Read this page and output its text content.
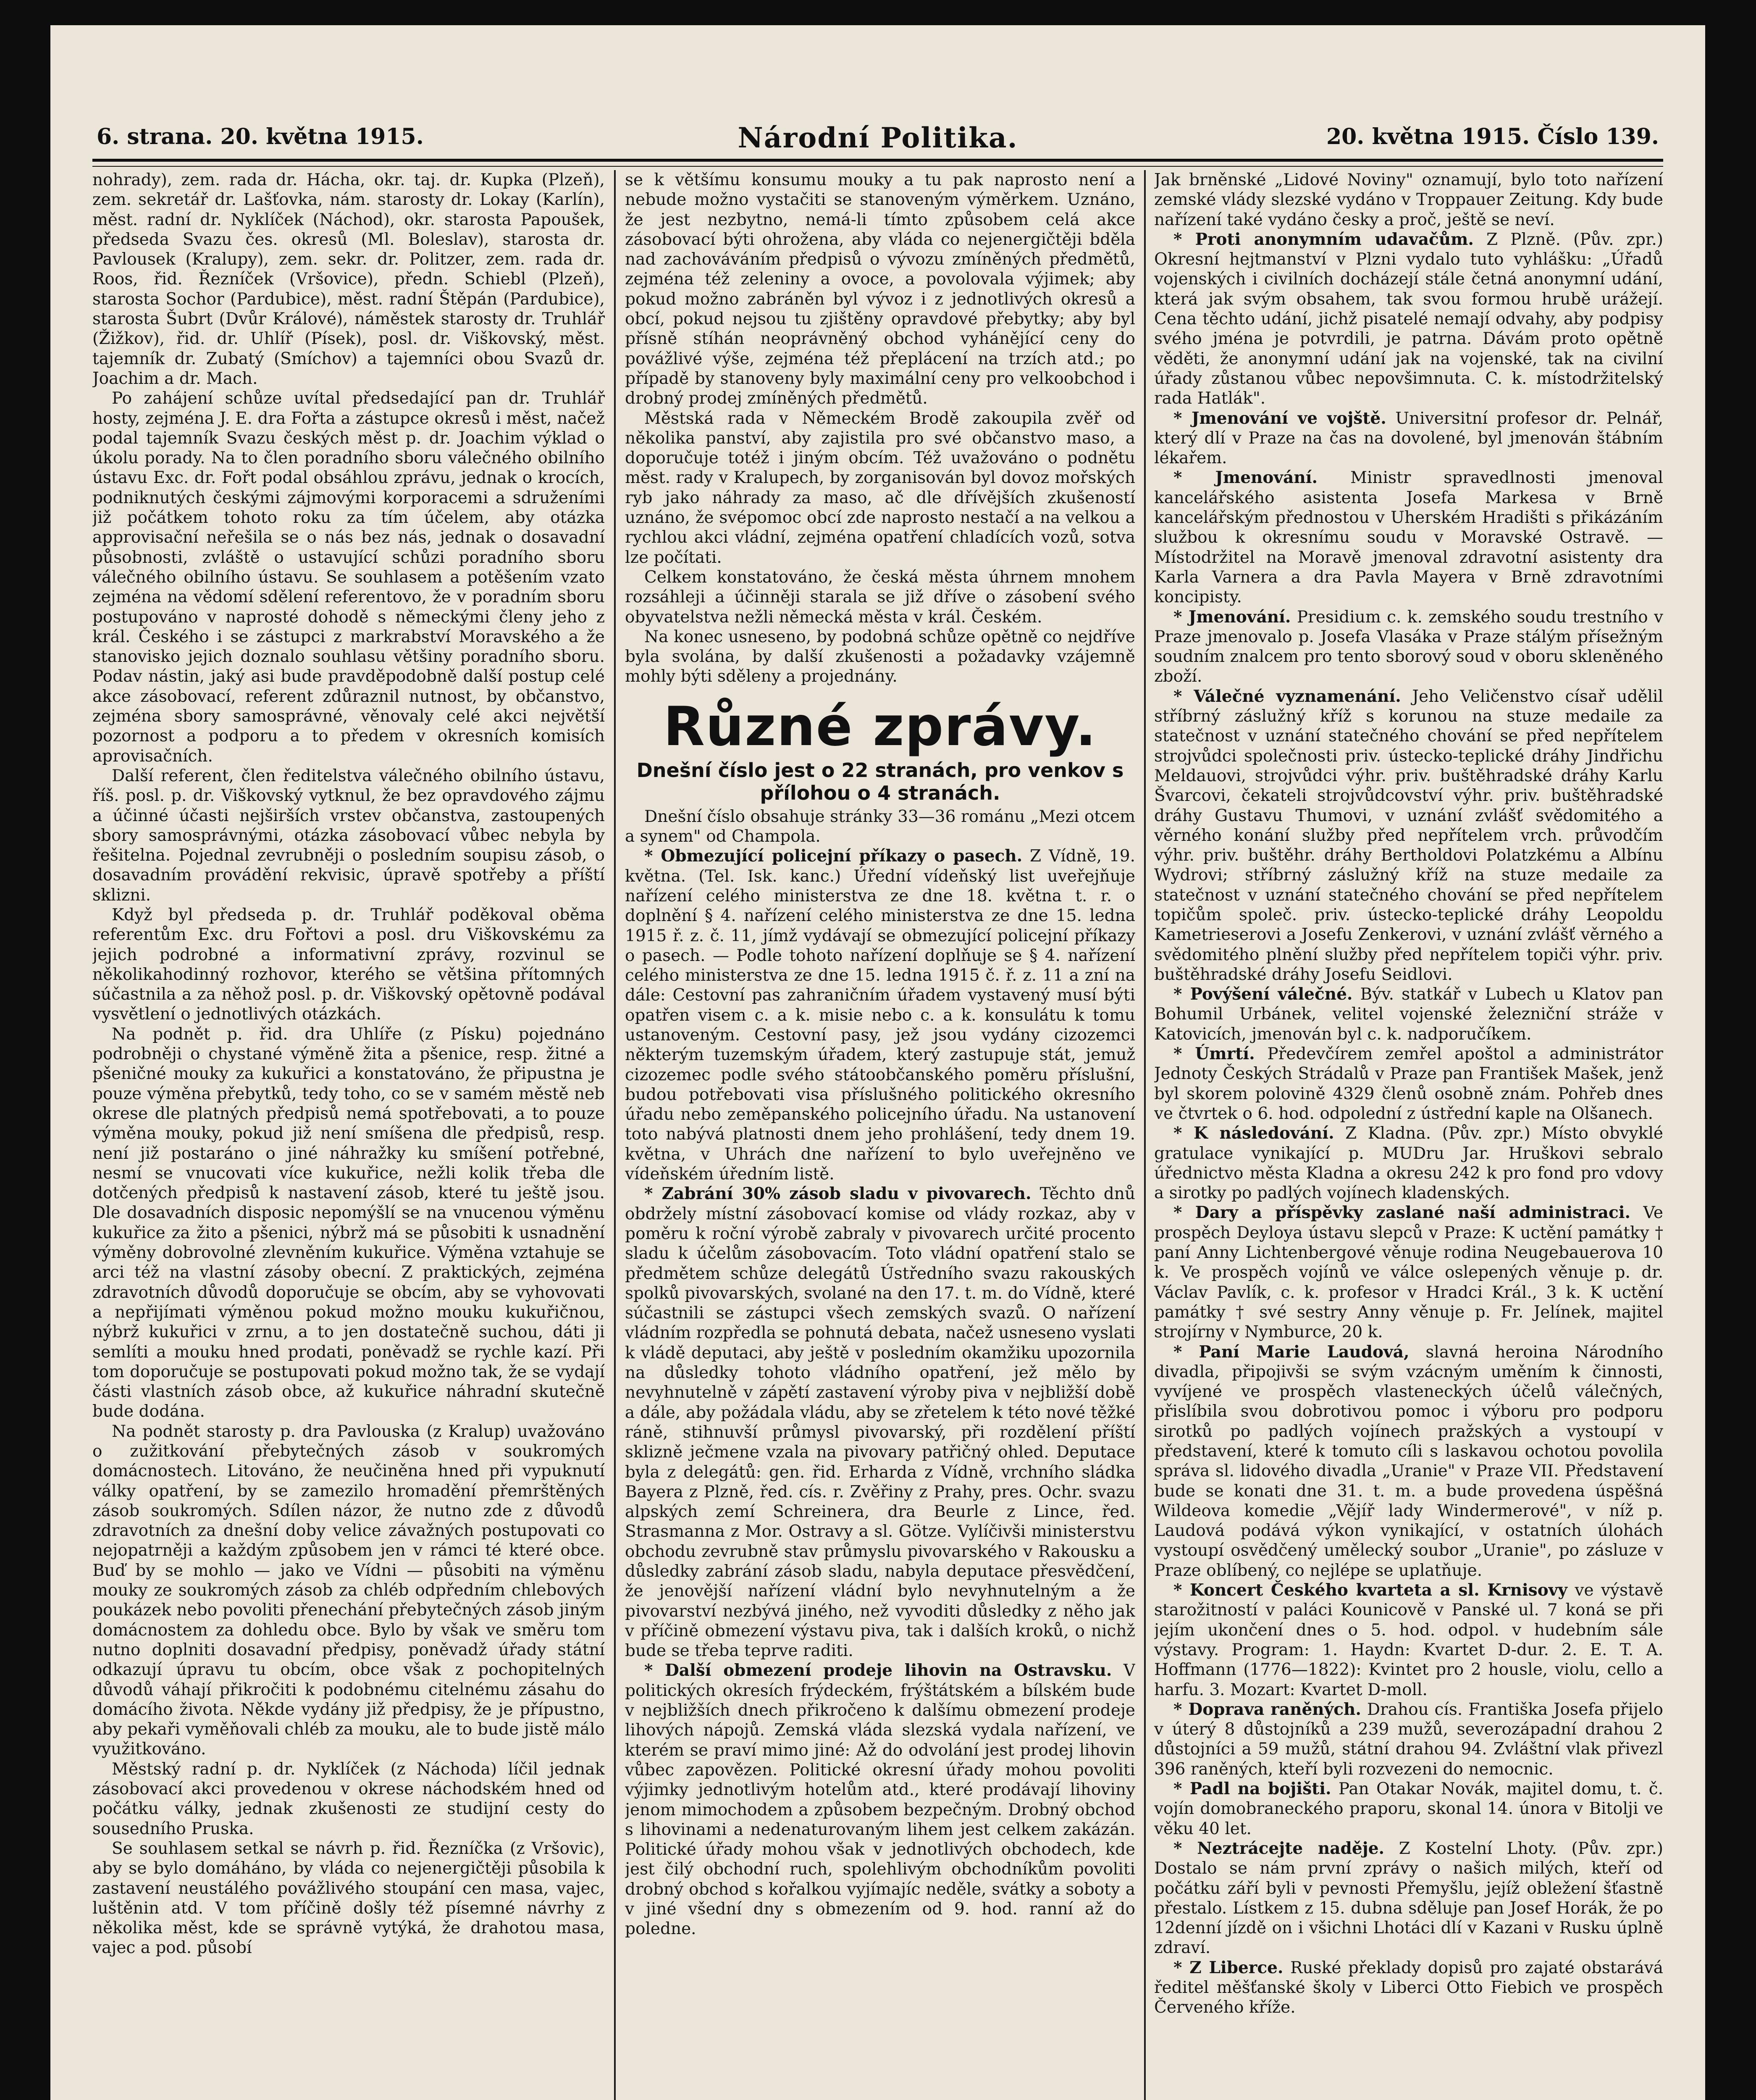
6. strana. 20. května 1915.	Národní Politika.	20. května 1915. Číslo 139.

nohrady), zem. rada dr. Hácha, okr. taj. dr. Kupka (Plzeň), zem. sekretář dr. Lašťovka, nám. starosty dr. Lokay (Karlín), měst. radní dr. Nyklíček (Náchod), okr. starosta Papoušek, předseda Svazu čes. okresů (Ml. Boleslav), starosta dr. Pavlousek (Kralupy), zem. sekr. dr. Politzer, zem. rada dr. Roos, řid. Řezníček (Vršovice), předn. Schiebl (Plzeň), starosta Sochor (Pardubice), měst. radní Štěpán (Pardubice), starosta Šubrt (Dvůr Králové), náměstek starosty dr. Truhlář (Žižkov), řid. dr. Uhlíř (Písek), posl. dr. Viškovský, měst. tajemník dr. Zubatý (Smíchov) a tajemníci obou Svazů dr. Joachim a dr. Mach.

Po zahájení schůze uvítal předsedající pan dr. Truhlář hosty, zejména J. E. dra Fořta a zástupce okresů i měst, načež podal tajemník Svazu českých měst p. dr. Joachim výklad o úkolu porady. Na to člen poradního sboru válečného obilního ústavu Exc. dr. Fořt podal obsáhlou zprávu, jednak o krocích, podniknutých českými zájmovými korporacemi a sdruženími již počátkem tohoto roku za tím účelem, aby otázka approvisační neřešila se o nás bez nás, jednak o dosavadní působnosti, zvláště o ustavující schůzi poradního sboru válečného obilního ústavu. Se souhlasem a potěšením vzato zejména na vědomí sdělení referentovo, že v poradním sboru postupováno v naprosté dohodě s německými členy jeho z král. Českého i se zástupci z markrabství Moravského a že stanovisko jejich doznalo souhlasu většiny poradního sboru. Podav nástin, jaký asi bude pravděpodobně další postup celé akce zásobovací, referent zdůraznil nutnost, by občanstvo, zejména sbory samosprávné, věnovaly celé akci největší pozornost a podporu a to předem v okresních komisích aprovisačních.

Další referent, člen ředitelstva válečného obilního ústavu, říš. posl. p. dr. Viškovský vytknul, že bez opravdového zájmu a účinné účasti nejširších vrstev občanstva, zastoupených sbory samosprávnými, otázka zásobovací vůbec nebyla by řešitelna. Pojednal zevrubněji o posledním soupisu zásob, o dosavadním provádění rekvisic, úpravě spotřeby a příští sklizni.

Když byl předseda p. dr. Truhlář poděkoval oběma referentům Exc. dru Fořtovi a posl. dru Viškovskému za jejich podrobné a informativní zprávy, rozvinul se několikahodinný rozhovor, kterého se většina přítomných súčastnila a za něhož posl. p. dr. Viškovský opětovně podával vysvětlení o jednotlivých otázkách.

Na podnět p. řid. dra Uhlíře (z Písku) pojednáno podrobněji o chystané výměně žita a pšenice, resp. žitné a pšeničné mouky za kukuřici a konstatováno, že připustna je pouze výměna přebytků, tedy toho, co se v samém městě neb okrese dle platných předpisů nemá spotřebovati, a to pouze výměna mouky, pokud již není smíšena dle předpisů, resp. není již postaráno o jiné náhražky ku smíšení potřebné, nesmí se vnucovati více kukuřice, nežli kolik třeba dle dotčených předpisů k nastavení zásob, které tu ještě jsou. Dle dosavadních disposic nepomýšlí se na vnucenou výměnu kukuřice za žito a pšenici, nýbrž má se působiti k usnadnění výměny dobrovolné zlevněním kukuřice. Výměna vztahuje se arci též na vlastní zásoby obecní. Z praktických, zejména zdravotních důvodů doporučuje se obcím, aby se vyhovovati a nepřijímati výměnou pokud možno mouku kukuřičnou, nýbrž kukuřici v zrnu, a to jen dostatečně suchou, dáti ji semlíti a mouku hned prodati, poněvadž se rychle kazí. Při tom doporučuje se postupovati pokud možno tak, že se vydají části vlastních zásob obce, až kukuřice náhradní skutečně bude dodána.

Na podnět starosty p. dra Pavlouska (z Kralup) uvažováno o zužitkování přebytečných zásob v soukromých domácnostech. Litováno, že neučiněna hned při vypuknutí války opatření, by se zamezilo hromadění přemrštěných zásob soukromých. Sdílen názor, že nutno zde z důvodů zdravotních za dnešní doby velice závažných postupovati co nejopatrněji a každým způsobem jen v rámci té které obce. Buď by se mohlo — jako ve Vídni — působiti na výměnu mouky ze soukromých zásob za chléb odpředním chlebových poukázek nebo povoliti přenechání přebytečných zásob jiným domácnostem za dohledu obce. Bylo by však ve směru tom nutno doplniti dosavadní předpisy, poněvadž úřady státní odkazují úpravu tu obcím, obce však z pochopitelných důvodů váhají přikročiti k podobnému citelnému zásahu do domácího života. Někde vydány již předpisy, že je přípustno, aby pekaři vyměňovali chléb za mouku, ale to bude jistě málo využitkováno.

Městský radní p. dr. Nyklíček (z Náchoda) líčil jednak zásobovací akci provedenou v okrese náchodském hned od počátku války, jednak zkušenosti ze studijní cesty do sousedního Pruska.

Se souhlasem setkal se návrh p. řid. Řezníčka (z Vršovic), aby se bylo domáháno, by vláda co nejenergičtěji působila k zastavení neustálého povážlivého stoupání cen masa, vajec, luštěnin atd. V tom příčině došly též písemné návrhy z několika měst, kde se správně vytýká, že drahotou masa, vajec a pod. působí

se k většímu konsumu mouky a tu pak naprosto není a nebude možno vystačiti se stanoveným výměrkem. Uznáno, že jest nezbytno, nemá-li tímto způsobem celá akce zásobovací býti ohrožena, aby vláda co nejenergičtěji bděla nad zachováváním předpisů o vývozu zmíněných předmětů, zejména též zeleniny a ovoce, a povolovala výjimek; aby pokud možno zabráněn byl vývoz i z jednotlivých okresů a obcí, pokud nejsou tu zjištěny opravdové přebytky; aby byl přísně stíhán neoprávněný obchod vyhánějící ceny do povážlivé výše, zejména též přeplácení na trzích atd.; po případě by stanoveny byly maximální ceny pro velkoobchod i drobný prodej zmíněných předmětů.

Městská rada v Německém Brodě zakoupila zvěř od několika panství, aby zajistila pro své občanstvo maso, a doporučuje totéž i jiným obcím. Též uvažováno o podnětu měst. rady v Kralupech, by zorganisován byl dovoz mořských ryb jako náhrady za maso, ač dle dřívějších zkušeností uznáno, že svépomoc obcí zde naprosto nestačí a na velkou a rychlou akci vládní, zejména opatření chladících vozů, sotva lze počítati.

Celkem konstatováno, že česká města úhrnem mnohem rozsáhleji a účinněji starala se již dříve o zásobení svého obyvatelstva nežli německá města v král. Českém.

Na konec usneseno, by podobná schůze opětně co nejdříve byla svolána, by další zkušenosti a požadavky vzájemně mohly býti sděleny a projednány.

Různé zprávy.
Dnešní číslo jest o 22 stranách, pro venkov s přílohou o 4 stranách.

Dnešní číslo obsahuje stránky 33—36 románu „Mezi otcem a synem" od Champola.

* Obmezující policejní příkazy o pasech. Z Vídně, 19. května. (Tel. Isk. kanc.) Úřední vídeňský list uveřejňuje nařízení celého ministerstva ze dne 18. května t. r. o doplnění § 4. nařízení celého ministerstva ze dne 15. ledna 1915 ř. z. č. 11, jímž vydávají se obmezující policejní příkazy o pasech. — Podle tohoto nařízení doplňuje se § 4. nařízení celého ministerstva ze dne 15. ledna 1915 č. ř. z. 11 a zní na dále: Cestovní pas zahraničním úřadem vystavený musí býti opatřen visem c. a k. misie nebo c. a k. konsulátu k tomu ustanoveným. Cestovní pasy, jež jsou vydány cizozemci některým tuzemským úřadem, který zastupuje stát, jemuž cizozemec podle svého státoobčanského poměru příslušní, budou potřebovati visa příslušného politického okresního úřadu nebo zeměpanského policejního úřadu. Na ustanovení toto nabývá platnosti dnem jeho prohlášení, tedy dnem 19. května, v Uhrách dne nařízení to bylo uveřejněno ve vídeňském úředním listě.

* Zabrání 30% zásob sladu v pivovarech. Těchto dnů obdržely místní zásobovací komise od vlády rozkaz, aby v poměru k roční výrobě zabraly v pivovarech určité procento sladu k účelům zásobovacím. Toto vládní opatření stalo se předmětem schůze delegátů Ústředního svazu rakouských spolků pivovarských, svolané na den 17. t. m. do Vídně, které súčastnili se zástupci všech zemských svazů. O nařízení vládním rozpředla se pohnutá debata, načež usneseno vyslati k vládě deputaci, aby ještě v posledním okamžiku upozornila na důsledky tohoto vládního opatření, jež mělo by nevyhnutelně v zápětí zastavení výroby piva v nejbližší době a dále, aby požádala vládu, aby se zřetelem k této nové těžké ráně, stihnuvší průmysl pivovarský, při rozdělení příští sklizně ječmene vzala na pivovary patřičný ohled. Deputace byla z delegátů: gen. řid. Erharda z Vídně, vrchního sládka Bayera z Plzně, řed. cís. r. Zvěřiny z Prahy, pres. Ochr. svazu alpských zemí Schreinera, dra Beurle z Lince, řed. Strasmanna z Mor. Ostravy a sl. Götze. Vylíčivši ministerstvu obchodu zevrubně stav průmyslu pivovarského v Rakousku a důsledky zabrání zásob sladu, nabyla deputace přesvědčení, že jenovější nařízení vládní bylo nevyhnutelným a že pivovarství nezbývá jiného, než vyvoditi důsledky z něho jak v příčině obmezení výstavu piva, tak i dalších kroků, o nichž bude se třeba teprve raditi.

* Další obmezení prodeje lihovin na Ostravsku. V politických okresích frýdeckém, frýštátském a bílském bude v nejbližších dnech přikročeno k dalšímu obmezení prodeje lihových nápojů. Zemská vláda slezská vydala nařízení, ve kterém se praví mimo jiné: Až do odvolání jest prodej lihovin vůbec zapovězen. Politické okresní úřady mohou povoliti výjimky jednotlivým hotelům atd., které prodávají lihoviny jenom mimochodem a způsobem bezpečným. Drobný obchod s lihovinami a nedenaturovaným lihem jest celkem zakázán. Politické úřady mohou však v jednotlivých obchodech, kde jest čilý obchodní ruch, spolehlivým obchodníkům povoliti drobný obchod s kořalkou vyjímajíc neděle, svátky a soboty a v jiné všední dny s obmezením od 9. hod. ranní až do poledne.

Jak brněnské „Lidové Noviny" oznamují, bylo toto nařízení zemské vlády slezské vydáno v Troppauer Zeitung. Kdy bude nařízení také vydáno česky a proč, ještě se neví.

* Proti anonymním udavačům. Z Plzně. (Pův. zpr.) Okresní hejtmanství v Plzni vydalo tuto vyhlášku: „Úřadů vojenských i civilních docházejí stále četná anonymní udání, která jak svým obsahem, tak svou formou hrubě urážejí. Cena těchto udání, jichž pisatelé nemají odvahy, aby podpisy svého jména je potvrdili, je patrna. Dávám proto opětně věděti, že anonymní udání jak na vojenské, tak na civilní úřady zůstanou vůbec nepovšimnuta. C. k. místodržitelský rada Hatlák".

* Jmenování ve vojště. Universitní profesor dr. Pelnář, který dlí v Praze na čas na dovolené, byl jmenován štábním lékařem.

* Jmenování. Ministr spravedlnosti jmenoval kancelářského asistenta Josefa Markesa v Brně kancelářským přednostou v Uherském Hradišti s přikázáním službou k okresnímu soudu v Moravské Ostravě. — Místodržitel na Moravě jmenoval zdravotní asistenty dra Karla Varnera a dra Pavla Mayera v Brně zdravotními koncipisty.

* Jmenování. Presidium c. k. zemského soudu trestního v Praze jmenovalo p. Josefa Vlasáka v Praze stálým přísežným soudním znalcem pro tento sborový soud v oboru skleněného zboží.

* Válečné vyznamenání. Jeho Veličenstvo císař udělil stříbrný záslužný kříž s korunou na stuze medaile za statečnost v uznání statečného chování se před nepřítelem strojvůdci společnosti priv. ústecko-teplické dráhy Jindřichu Meldauovi, strojvůdci výhr. priv. buštěhradské dráhy Karlu Švarcovi, čekateli strojvůdcovství výhr. priv. buštěhradské dráhy Gustavu Thumovi, v uznání zvlášť svědomitého a věrného konání služby před nepřítelem vrch. průvodčím výhr. priv. buštěhr. dráhy Bertholdovi Polatzkému a Albínu Wydrovi; stříbrný záslužný kříž na stuze medaile za statečnost v uznání statečného chování se před nepřítelem topičům společ. priv. ústecko-teplické dráhy Leopoldu Kametrieserovi a Josefu Zenkerovi, v uznání zvlášť věrného a svědomitého plnění služby před nepřítelem topiči výhr. priv. buštěhradské dráhy Josefu Seidlovi.

* Povýšení válečné. Býv. statkář v Lubech u Klatov pan Bohumil Urbánek, velitel vojenské železniční stráže v Katovicích, jmenován byl c. k. nadporučíkem.

* Úmrtí. Předevčírem zemřel apoštol a administrátor Jednoty Českých Strádalů v Praze pan František Mašek, jenž byl skorem polovině 4329 členů osobně znám. Pohřeb dnes ve čtvrtek o 6. hod. odpolední z ústřední kaple na Olšanech.

* K následování. Z Kladna. (Pův. zpr.) Místo obvyklé gratulace vynikající p. MUDru Jar. Hruškovi sebralo úřednictvo města Kladna a okresu 242 k pro fond pro vdovy a sirotky po padlých vojínech kladenských.

* Dary a příspěvky zaslané naší administraci. Ve prospěch Deyloya ústavu slepců v Praze: K uctění památky † paní Anny Lichtenbergové věnuje rodina Neugebauerova 10 k. Ve prospěch vojínů ve válce oslepených věnuje p. dr. Václav Pavlík, c. k. profesor v Hradci Král., 3 k. K uctění památky † své sestry Anny věnuje p. Fr. Jelínek, majitel strojírny v Nymburce, 20 k.

* Paní Marie Laudová, slavná heroina Národního divadla, připojivši se svým vzácným uměním k činnosti, vyvíjené ve prospěch vlasteneckých účelů válečných, přislíbila svou dobrotivou pomoc i výboru pro podporu sirotků po padlých vojínech pražských a vystoupí v představení, které k tomuto cíli s laskavou ochotou povolila správa sl. lidového divadla „Uranie" v Praze VII. Představení bude se konati dne 31. t. m. a bude provedena úspěšná Wildeova komedie „Vějíř lady Windermerové", v níž p. Laudová podává výkon vynikající, v ostatních úlohách vystoupí osvědčený umělecký soubor „Uranie", po zásluze v Praze oblíbený, co nejlépe se uplatňuje.

* Koncert Českého kvarteta a sl. Krnisovy ve výstavě starožitností v paláci Kounicově v Panské ul. 7 koná se při jejím ukončení dnes o 5. hod. odpol. v hudebním sále výstavy. Program: 1. Haydn: Kvartet D-dur. 2. E. T. A. Hoffmann (1776—1822): Kvintet pro 2 housle, violu, cello a harfu. 3. Mozart: Kvartet D-moll.

* Doprava raněných. Drahou cís. Františka Josefa přijelo v úterý 8 důstojníků a 239 mužů, severozápadní drahou 2 důstojníci a 59 mužů, státní drahou 94. Zvláštní vlak přivezl 396 raněných, kteří byli rozvezeni do nemocnic.

* Padl na bojišti. Pan Otakar Novák, majitel domu, t. č. vojín domobraneckého praporu, skonal 14. února v Bitolji ve věku 40 let.

* Neztrácejte naděje. Z Kostelní Lhoty. (Pův. zpr.) Dostalo se nám první zprávy o našich milých, kteří od počátku září byli v pevnosti Přemyšlu, jejíž obležení šťastně přestalo. Lístkem z 15. dubna sděluje pan Josef Horák, že po 12denní jízdě on i všichni Lhotáci dlí v Kazani v Rusku úplně zdraví.

* Z Liberce. Ruské překlady dopisů pro zajaté obstarává ředitel měšťanské školy v Liberci Otto Fiebich ve prospěch Červeného kříže.
